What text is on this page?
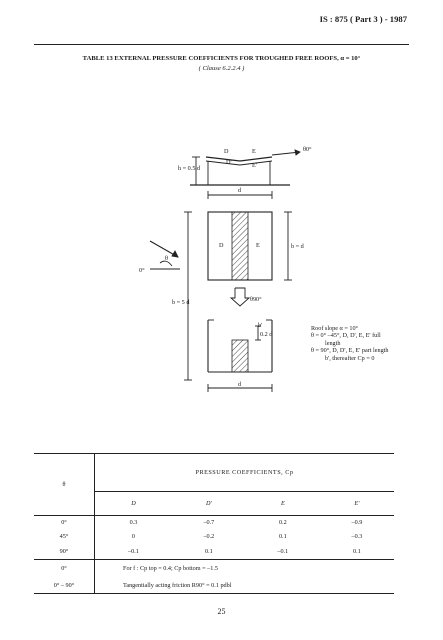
IS : 875 ( Part 3 ) - 1987
TABLE 13 EXTERNAL PRESSURE COEFFICIENTS FOR TROUGHED FREE ROOFS, α = 10°
( Clause 6.2.2.4 )
h = 0.5 d
D	E
D'	E'
θ0°
d
D	E	b = d
θ
0°
θ90°
b = 5 d
b'
0.2 d
d
Roof slope α = 10°
θ = 0° –45°, D, D', E, E' full
length
θ = 90°, D, D', E, E' part length
b', thereafter Cp = 0
θ	PRESSURE COEFFICIENTS, Cp			
	D	D'	E	E'
0°	0.3	–0.7	0.2	–0.9
45°	0	–0.2	0.1	–0.3
90°	–0.1	0.1	–0.1	0.1
0°	For f : Cp top = 0.4; Cp bottom = –1.5			
0° – 90°	Tangentially acting friction R90° = 0.1 pdbl			
25
